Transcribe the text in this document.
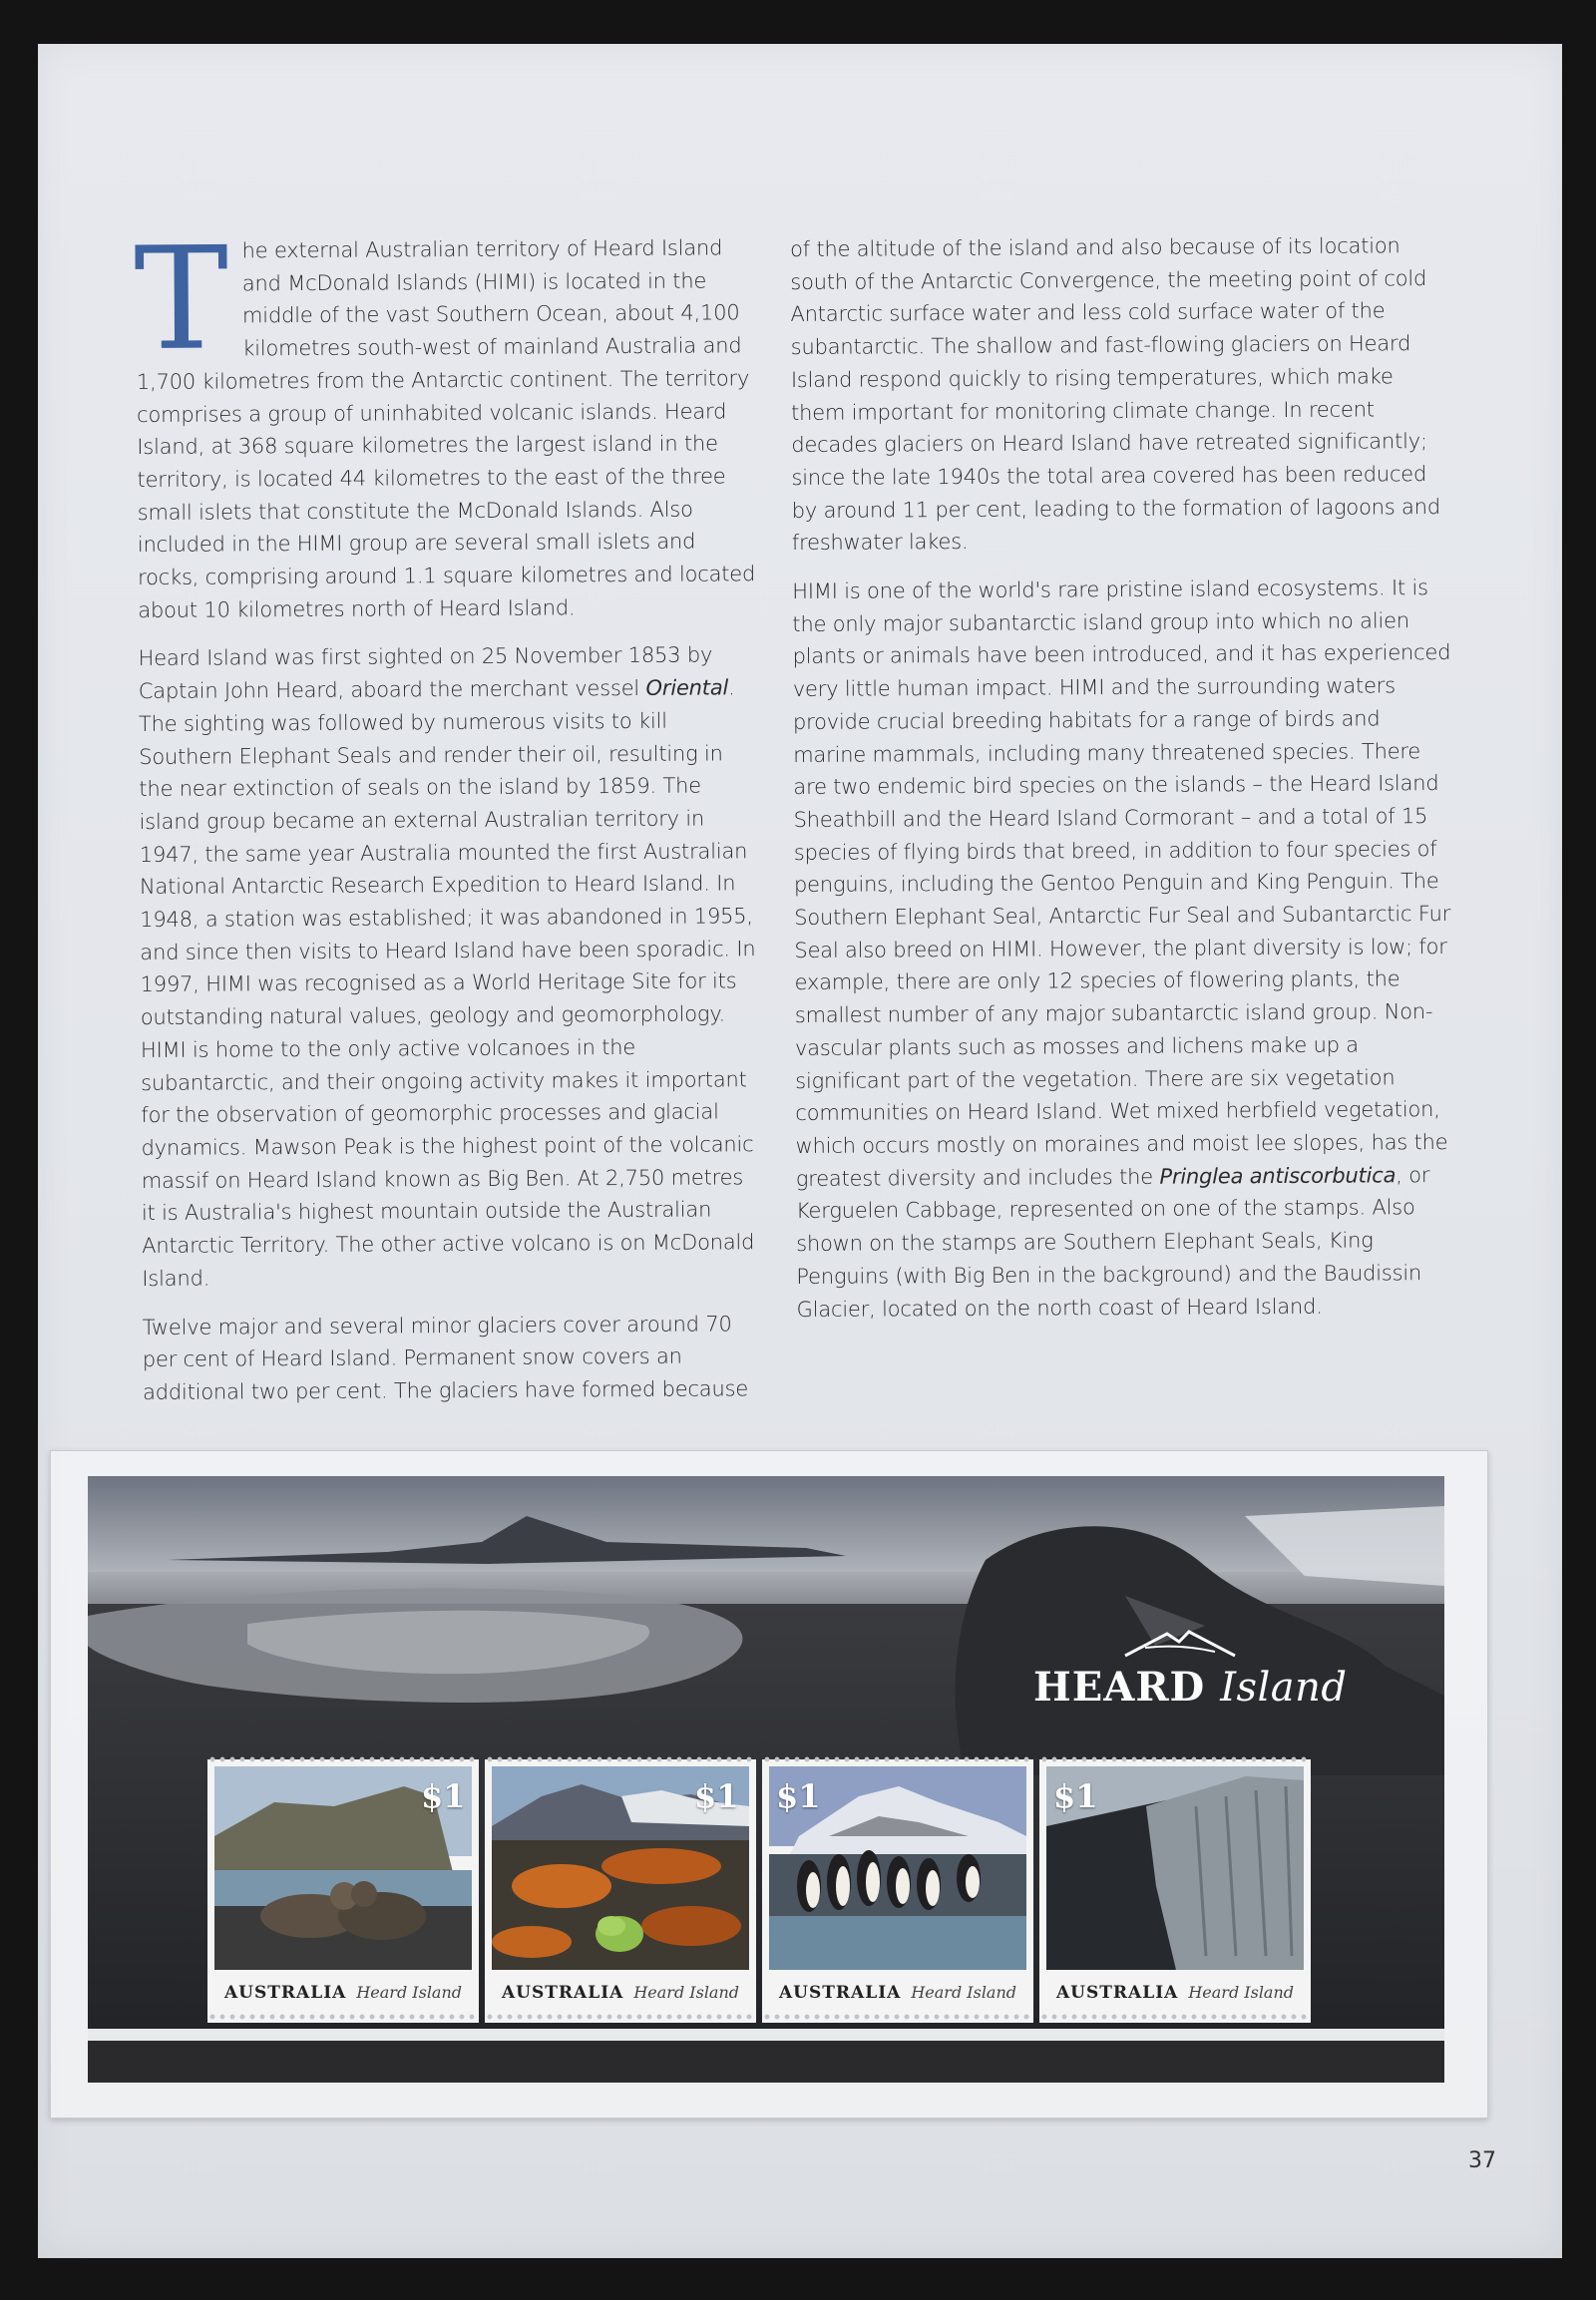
The external Australian territory of Heard Island and McDonald Islands (HIMI) is located in the middle of the vast Southern Ocean, about 4,100 kilometres south-west of mainland Australia and 1,700 kilometres from the Antarctic continent. The territory comprises a group of uninhabited volcanic islands. Heard Island, at 368 square kilometres the largest island in the territory, is located 44 kilometres to the east of the three small islets that constitute the McDonald Islands. Also included in the HIMI group are several small islets and rocks, comprising around 1.1 square kilometres and located about 10 kilometres north of Heard Island.

Heard Island was first sighted on 25 November 1853 by Captain John Heard, aboard the merchant vessel Oriental. The sighting was followed by numerous visits to kill Southern Elephant Seals and render their oil, resulting in the near extinction of seals on the island by 1859. The island group became an external Australian territory in 1947, the same year Australia mounted the first Australian National Antarctic Research Expedition to Heard Island. In 1948, a station was established; it was abandoned in 1955, and since then visits to Heard Island have been sporadic. In 1997, HIMI was recognised as a World Heritage Site for its outstanding natural values, geology and geomorphology. HIMI is home to the only active volcanoes in the subantarctic, and their ongoing activity makes it important for the observation of geomorphic processes and glacial dynamics. Mawson Peak is the highest point of the volcanic massif on Heard Island known as Big Ben. At 2,750 metres it is Australia's highest mountain outside the Australian Antarctic Territory. The other active volcano is on McDonald Island.

Twelve major and several minor glaciers cover around 70 per cent of Heard Island. Permanent snow covers an additional two per cent. The glaciers have formed because

of the altitude of the island and also because of its location south of the Antarctic Convergence, the meeting point of cold Antarctic surface water and less cold surface water of the subantarctic. The shallow and fast-flowing glaciers on Heard Island respond quickly to rising temperatures, which make them important for monitoring climate change. In recent decades glaciers on Heard Island have retreated significantly; since the late 1940s the total area covered has been reduced by around 11 per cent, leading to the formation of lagoons and freshwater lakes.

HIMI is one of the world's rare pristine island ecosystems. It is the only major subantarctic island group into which no alien plants or animals have been introduced, and it has experienced very little human impact. HIMI and the surrounding waters provide crucial breeding habitats for a range of birds and marine mammals, including many threatened species. There are two endemic bird species on the islands – the Heard Island Sheathbill and the Heard Island Cormorant – and a total of 15 species of flying birds that breed, in addition to four species of penguins, including the Gentoo Penguin and King Penguin. The Southern Elephant Seal, Antarctic Fur Seal and Subantarctic Fur Seal also breed on HIMI. However, the plant diversity is low; for example, there are only 12 species of flowering plants, the smallest number of any major subantarctic island group. Non-vascular plants such as mosses and lichens make up a significant part of the vegetation. There are six vegetation communities on Heard Island. Wet mixed herbfield vegetation, which occurs mostly on moraines and moist lee slopes, has the greatest diversity and includes the Pringlea antiscorbutica, or Kerguelen Cabbage, represented on one of the stamps. Also shown on the stamps are Southern Elephant Seals, King Penguins (with Big Ben in the background) and the Baudissin Glacier, located on the north coast of Heard Island.

HEARD Island
$1
AUSTRALIA Heard Island
$1
AUSTRALIA Heard Island
$1
AUSTRALIA Heard Island
$1
AUSTRALIA Heard Island
37
